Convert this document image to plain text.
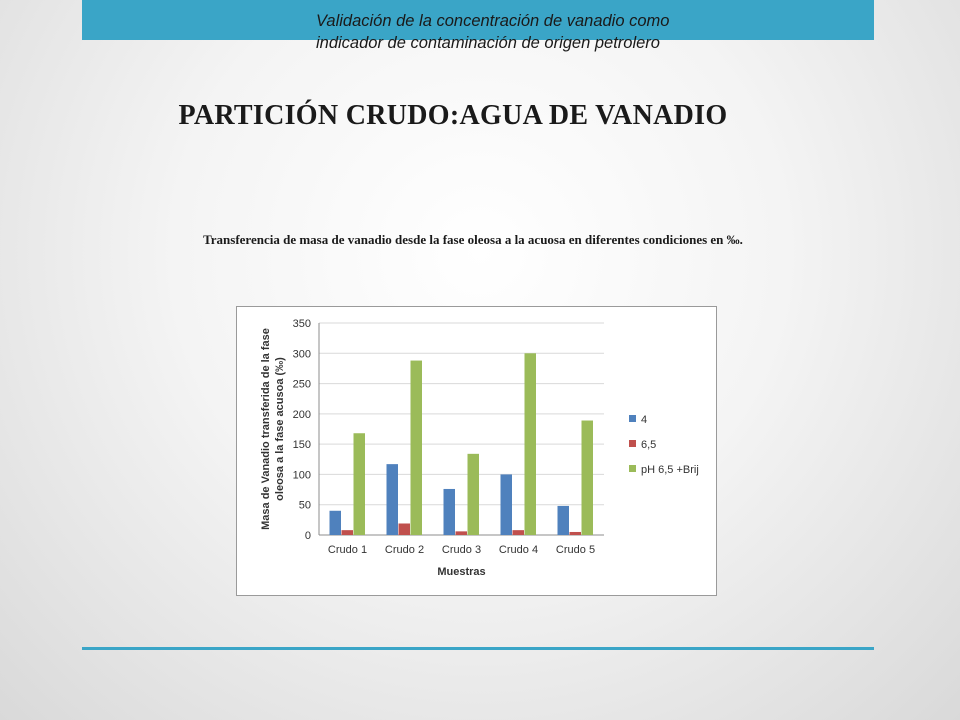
Validación de la concentración de vanadio como
indicador de contaminación de origen petrolero
PARTICIÓN CRUDO:AGUA DE VANADIO
Transferencia de masa de vanadio desde la fase oleosa a la acuosa en diferentes condiciones en ‰.
0
50
100
150
200
250
300
350
Crudo 1 Crudo 2 Crudo 3 Crudo 4 Crudo 5
Muestras
Masa de Vanadio transferida de la fase oleosa a la fase acusoa (‰)	4
6,5
pH 6,5 +Brij
